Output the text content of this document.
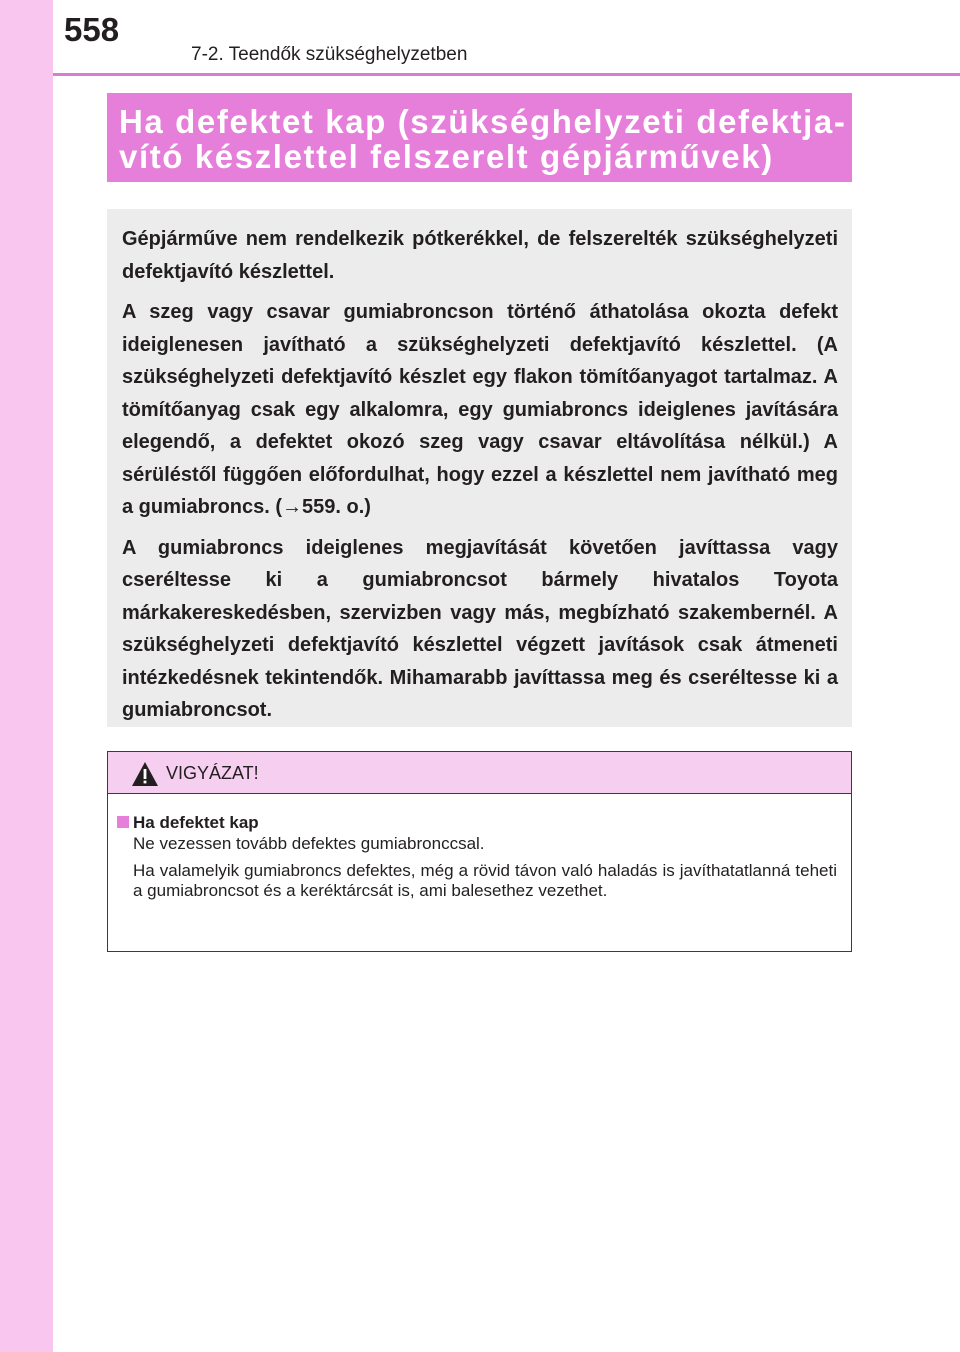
558
7-2. Teendők szükséghelyzetben
Ha defektet kap (szükséghelyzeti defektja-
vító készlettel felszerelt gépjárművek)

Gépjárműve nem rendelkezik pótkerékkel, de felszerelték szükséghelyzeti defektjavító készlettel.

A szeg vagy csavar gumiabroncson történő áthatolása okozta defekt ideiglenesen javítható a szükséghelyzeti defektjavító készlettel. (A szükséghelyzeti defektjavító készlet egy flakon tömítőanyagot tartalmaz. A tömítőanyag csak egy alkalomra, egy gumiabroncs ideiglenes javítására elegendő, a defektet okozó szeg vagy csavar eltávolítása nélkül.) A sérüléstől függően előfordulhat, hogy ezzel a készlettel nem javítható meg a gumiabroncs. (→559. o.)

A gumiabroncs ideiglenes megjavítását követően javíttassa vagy cseréltesse ki a gumiabroncsot bármely hivatalos Toyota márkakereskedésben, szervizben vagy más, megbízható szakembernél. A szükséghelyzeti defektjavító készlettel végzett javítások csak átmeneti intézkedésnek tekintendők. Mihamarabb javíttassa meg és cseréltesse ki a gumiabroncsot.

VIGYÁZAT!
Ha defektet kap
Ne vezessen tovább defektes gumiabronccsal.
Ha valamelyik gumiabroncs defektes, még a rövid távon való haladás is javíthatatlanná teheti a gumiabroncsot és a keréktárcsát is, ami balesethez vezethet.
